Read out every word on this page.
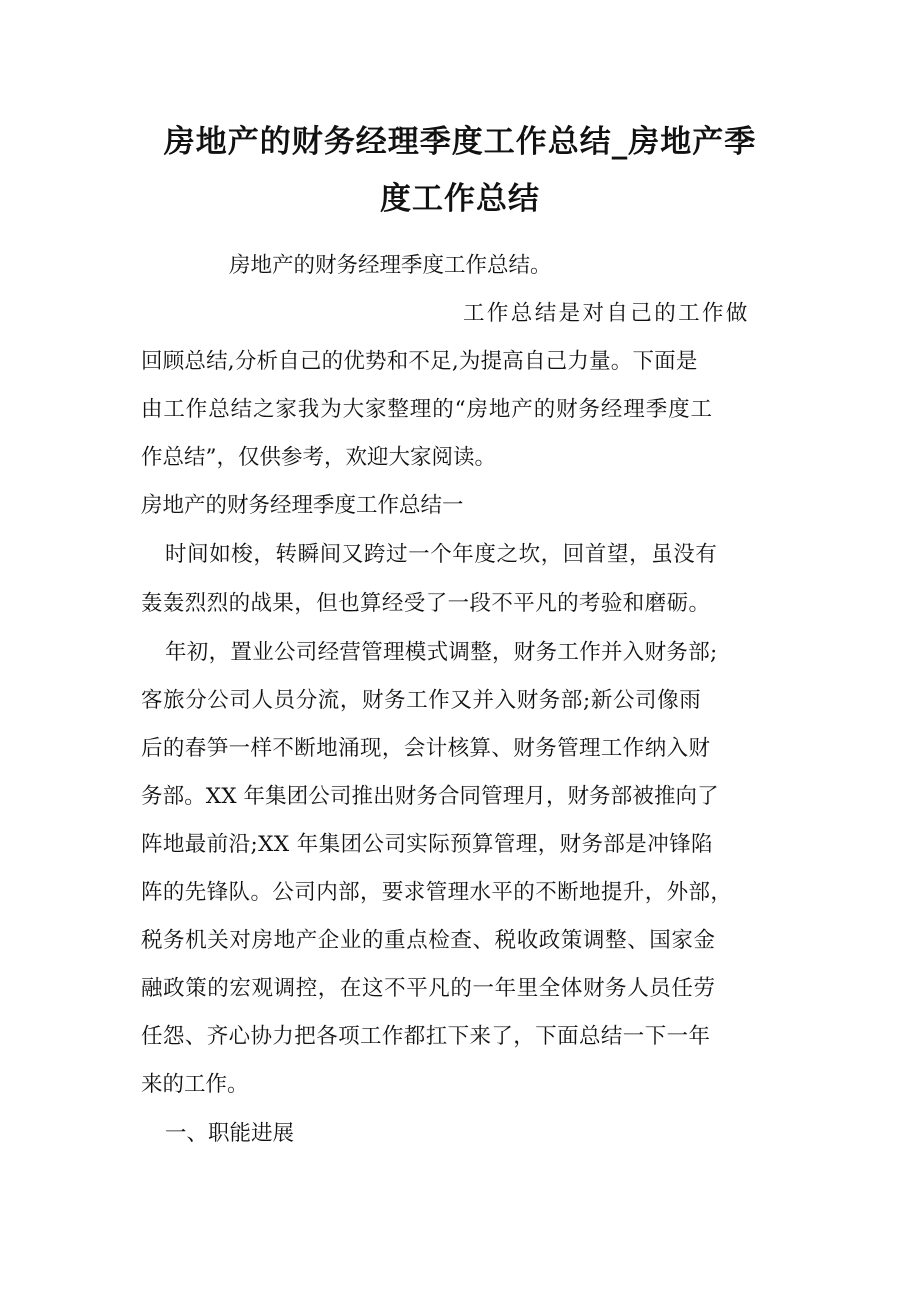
房地产的财务经理季度工作总结_房地产季
度工作总结
房地产的财务经理季度工作总结。
工作总结是对自己的工作做
回顾总结,分析自己的优势和不足,为提高自己力量。下面是
由工作总结之家我为大家整理的“房地产的财务经理季度工
作总结”，仅供参考，欢迎大家阅读。
房地产的财务经理季度工作总结一
时间如梭，转瞬间又跨过一个年度之坎，回首望，虽没有
轰轰烈烈的战果，但也算经受了一段不平凡的考验和磨砺。
年初，置业公司经营管理模式调整，财务工作并入财务部;
客旅分公司人员分流，财务工作又并入财务部;新公司像雨
后的春笋一样不断地涌现，会计核算、财务管理工作纳入财
务部。XX 年集团公司推出财务合同管理月，财务部被推向了
阵地最前沿;XX 年集团公司实际预算管理，财务部是冲锋陷
阵的先锋队。公司内部，要求管理水平的不断地提升，外部，
税务机关对房地产企业的重点检查、税收政策调整、国家金
融政策的宏观调控，在这不平凡的一年里全体财务人员任劳
任怨、齐心协力把各项工作都扛下来了，下面总结一下一年
来的工作。
一、职能进展
